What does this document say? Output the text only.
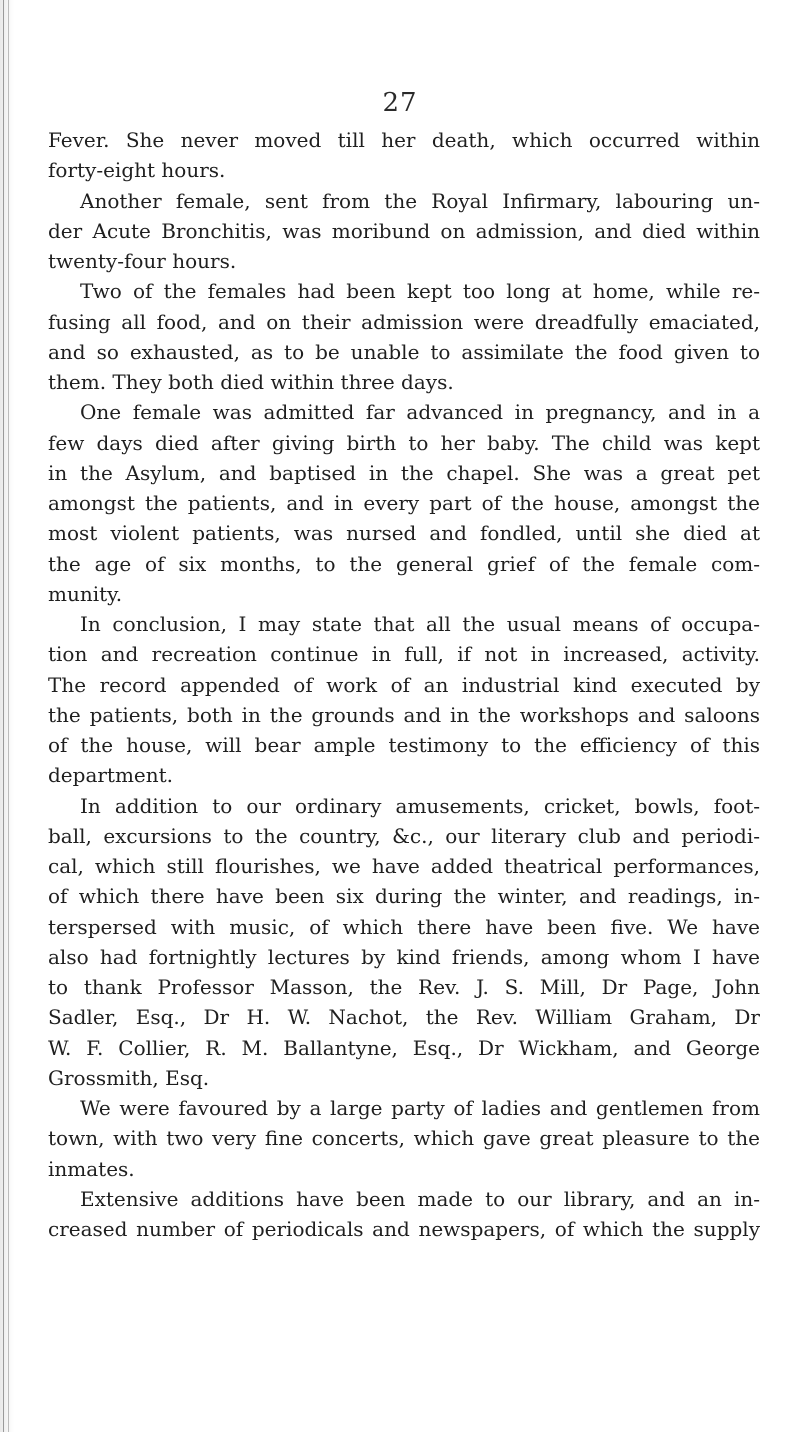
27
Fever. She never moved till her death, which occurred within
forty-eight hours.
Another female, sent from the Royal Infirmary, labouring un-
der Acute Bronchitis, was moribund on admission, and died within
twenty-four hours.
Two of the females had been kept too long at home, while re-
fusing all food, and on their admission were dreadfully emaciated,
and so exhausted, as to be unable to assimilate the food given to
them. They both died within three days.
One female was admitted far advanced in pregnancy, and in a
few days died after giving birth to her baby. The child was kept
in the Asylum, and baptised in the chapel. She was a great pet
amongst the patients, and in every part of the house, amongst the
most violent patients, was nursed and fondled, until she died at
the age of six months, to the general grief of the female com-
munity.
In conclusion, I may state that all the usual means of occupa-
tion and recreation continue in full, if not in increased, activity.
The record appended of work of an industrial kind executed by
the patients, both in the grounds and in the workshops and saloons
of the house, will bear ample testimony to the efficiency of this
department.
In addition to our ordinary amusements, cricket, bowls, foot-
ball, excursions to the country, &c., our literary club and periodi-
cal, which still flourishes, we have added theatrical performances,
of which there have been six during the winter, and readings, in-
terspersed with music, of which there have been five. We have
also had fortnightly lectures by kind friends, among whom I have
to thank Professor Masson, the Rev. J. S. Mill, Dr Page, John
Sadler, Esq., Dr H. W. Nachot, the Rev. William Graham, Dr
W. F. Collier, R. M. Ballantyne, Esq., Dr Wickham, and George
Grossmith, Esq.
We were favoured by a large party of ladies and gentlemen from
town, with two very fine concerts, which gave great pleasure to the
inmates.
Extensive additions have been made to our library, and an in-
creased number of periodicals and newspapers, of which the supply
